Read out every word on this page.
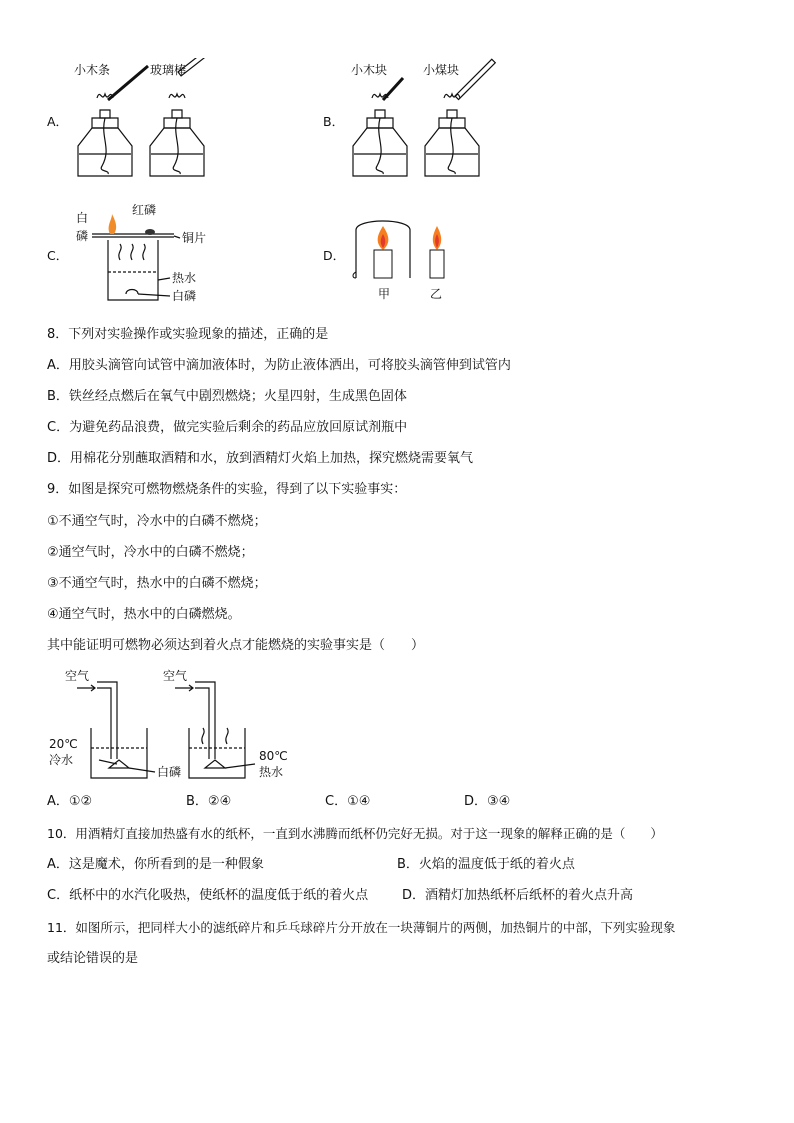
A．
小木条	玻璃棒
B．
小木块	小煤块
C．
白
磷
红磷
铜片
热水
白磷
D．
甲	乙
8．下列对实验操作或实验现象的描述，正确的是
A．用胶头滴管向试管中滴加液体时，为防止液体洒出，可将胶头滴管伸到试管内
B．铁丝经点燃后在氧气中剧烈燃烧；火星四射，生成黑色固体
C．为避免药品浪费，做完实验后剩余的药品应放回原试剂瓶中
D．用棉花分别蘸取酒精和水，放到酒精灯火焰上加热，探究燃烧需要氧气
9．如图是探究可燃物燃烧条件的实验，得到了以下实验事实：
①不通空气时，冷水中的白磷不燃烧；
②通空气时，冷水中的白磷不燃烧；
③不通空气时，热水中的白磷不燃烧；
④通空气时，热水中的白磷燃烧。
其中能证明可燃物必须达到着火点才能燃烧的实验事实是（　　）
空气	空气
20℃
冷水
白磷
80℃
热水
A．①②	B．②④	C．①④	D．③④
10．用酒精灯直接加热盛有水的纸杯，一直到水沸腾而纸杯仍完好无损。对于这一现象的解释正确的是（　　）
A．这是魔术，你所看到的是一种假象	B．火焰的温度低于纸的着火点
C．纸杯中的水汽化吸热，使纸杯的温度低于纸的着火点	D．酒精灯加热纸杯后纸杯的着火点升高
11．如图所示，把同样大小的滤纸碎片和乒乓球碎片分开放在一块薄铜片的两侧，加热铜片的中部，下列实验现象
或结论错误的是
